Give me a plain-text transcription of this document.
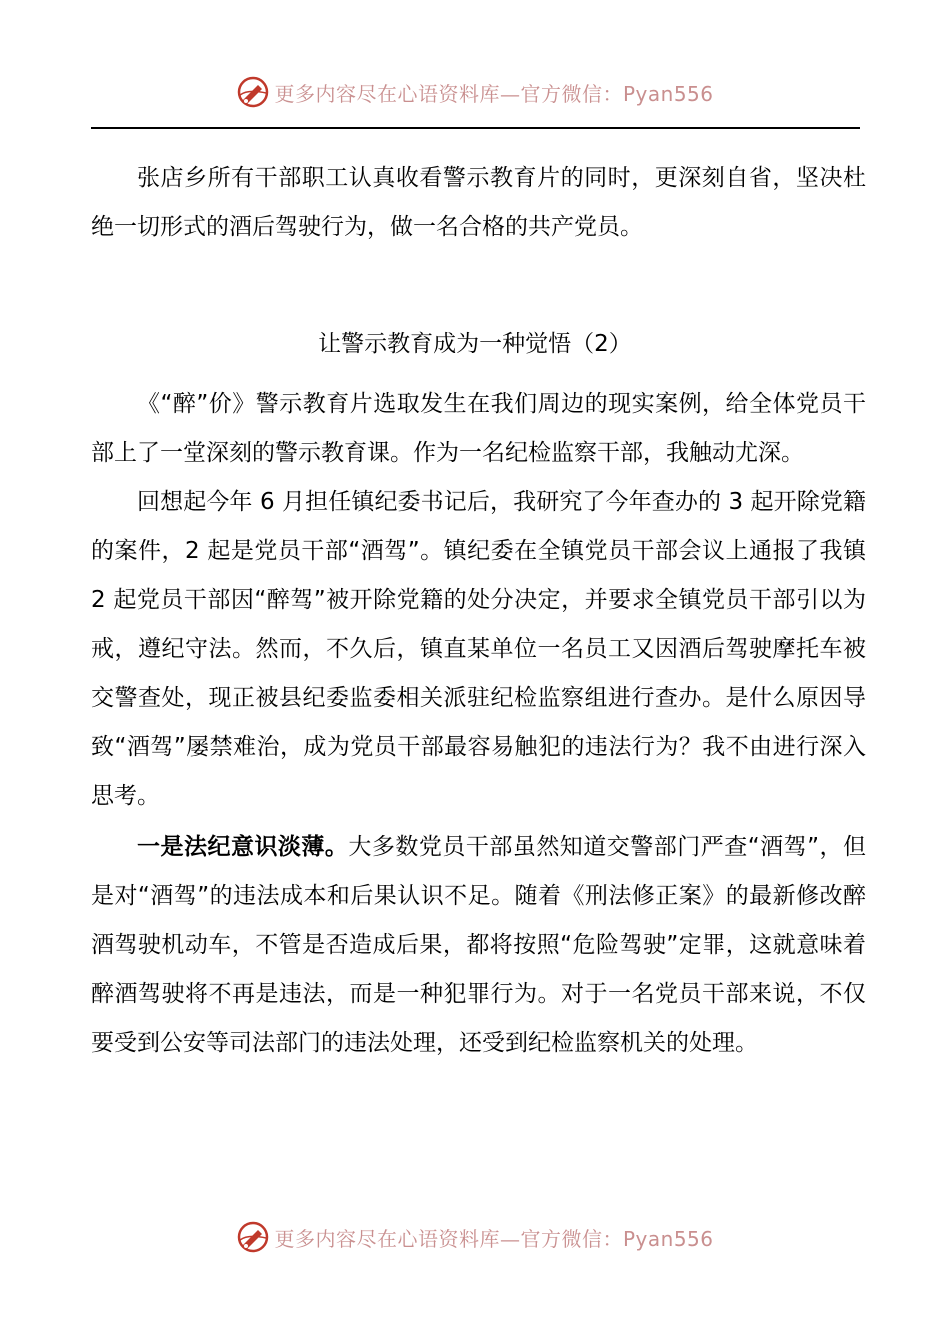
更多内容尽在心语资料库—官方微信：Pyan556

张店乡所有干部职工认真收看警示教育片的同时，更深刻自省，坚决杜绝一切形式的酒后驾驶行为，做一名合格的共产党员。

让警示教育成为一种觉悟（2）

《“醉”价》警示教育片选取发生在我们周边的现实案例，给全体党员干部上了一堂深刻的警示教育课。作为一名纪检监察干部，我触动尤深。

回想起今年 6 月担任镇纪委书记后，我研究了今年查办的 3 起开除党籍的案件，2 起是党员干部“酒驾”。镇纪委在全镇党员干部会议上通报了我镇 2 起党员干部因“醉驾”被开除党籍的处分决定，并要求全镇党员干部引以为戒，遵纪守法。然而，不久后，镇直某单位一名员工又因酒后驾驶摩托车被交警查处，现正被县纪委监委相关派驻纪检监察组进行查办。是什么原因导致“酒驾”屡禁难治，成为党员干部最容易触犯的违法行为？我不由进行深入思考。

一是法纪意识淡薄。大多数党员干部虽然知道交警部门严查“酒驾”，但是对“酒驾”的违法成本和后果认识不足。随着《刑法修正案》的最新修改醉酒驾驶机动车，不管是否造成后果，都将按照“危险驾驶”定罪，这就意味着醉酒驾驶将不再是违法，而是一种犯罪行为。对于一名党员干部来说，不仅要受到公安等司法部门的违法处理，还受到纪检监察机关的处理。

更多内容尽在心语资料库—官方微信：Pyan556
